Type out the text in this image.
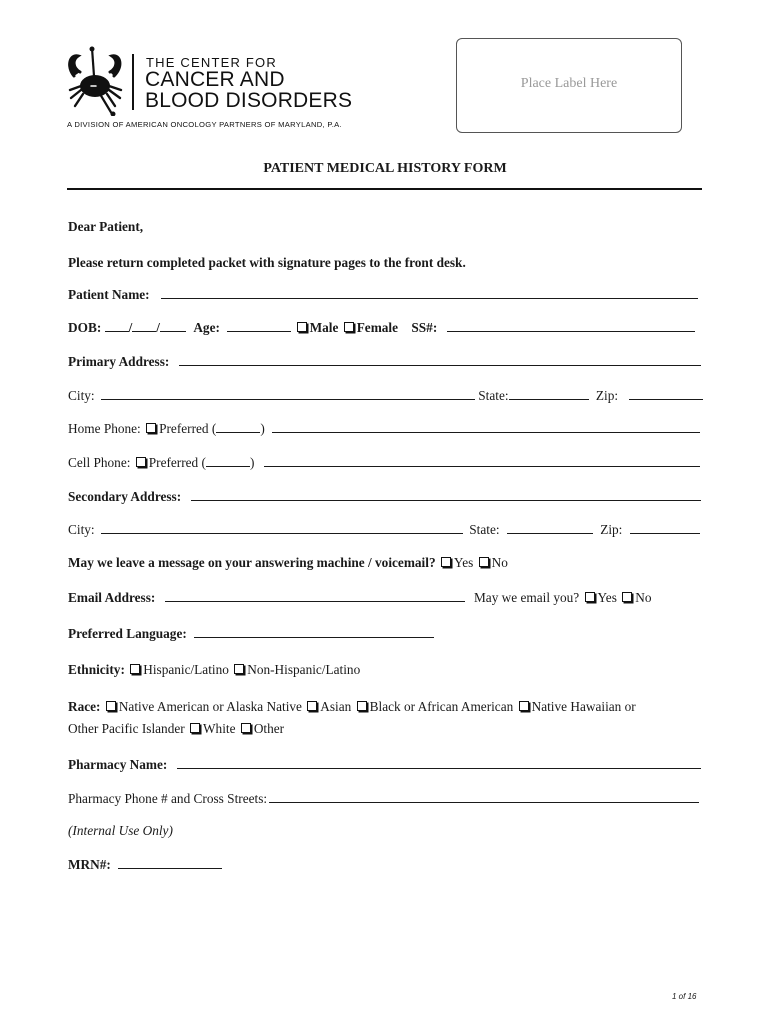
THE CENTER FOR
CANCER AND
BLOOD DISORDERS
A DIVISION OF AMERICAN ONCOLOGY PARTNERS OF MARYLAND, P.A.
Place Label Here
PATIENT MEDICAL HISTORY FORM
Dear Patient,
Please return completed packet with signature pages to the front desk.
Patient Name:
DOB: / /	Age:	Male Female SS#:
Primary Address:
City:	State:	Zip:
Home Phone: Preferred (	)
Cell Phone: Preferred (	)
Secondary Address:
City:	State:	Zip:
May we leave a message on your answering machine / voicemail? Yes No
Email Address:	May we email you? Yes No
Preferred Language:
Ethnicity: Hispanic/Latino Non-Hispanic/Latino
Race: Native American or Alaska Native Asian Black or African American Native Hawaiian or
Other Pacific Islander White Other
Pharmacy Name:
Pharmacy Phone # and Cross Streets:
(Internal Use Only)
MRN#:
1 of 16
